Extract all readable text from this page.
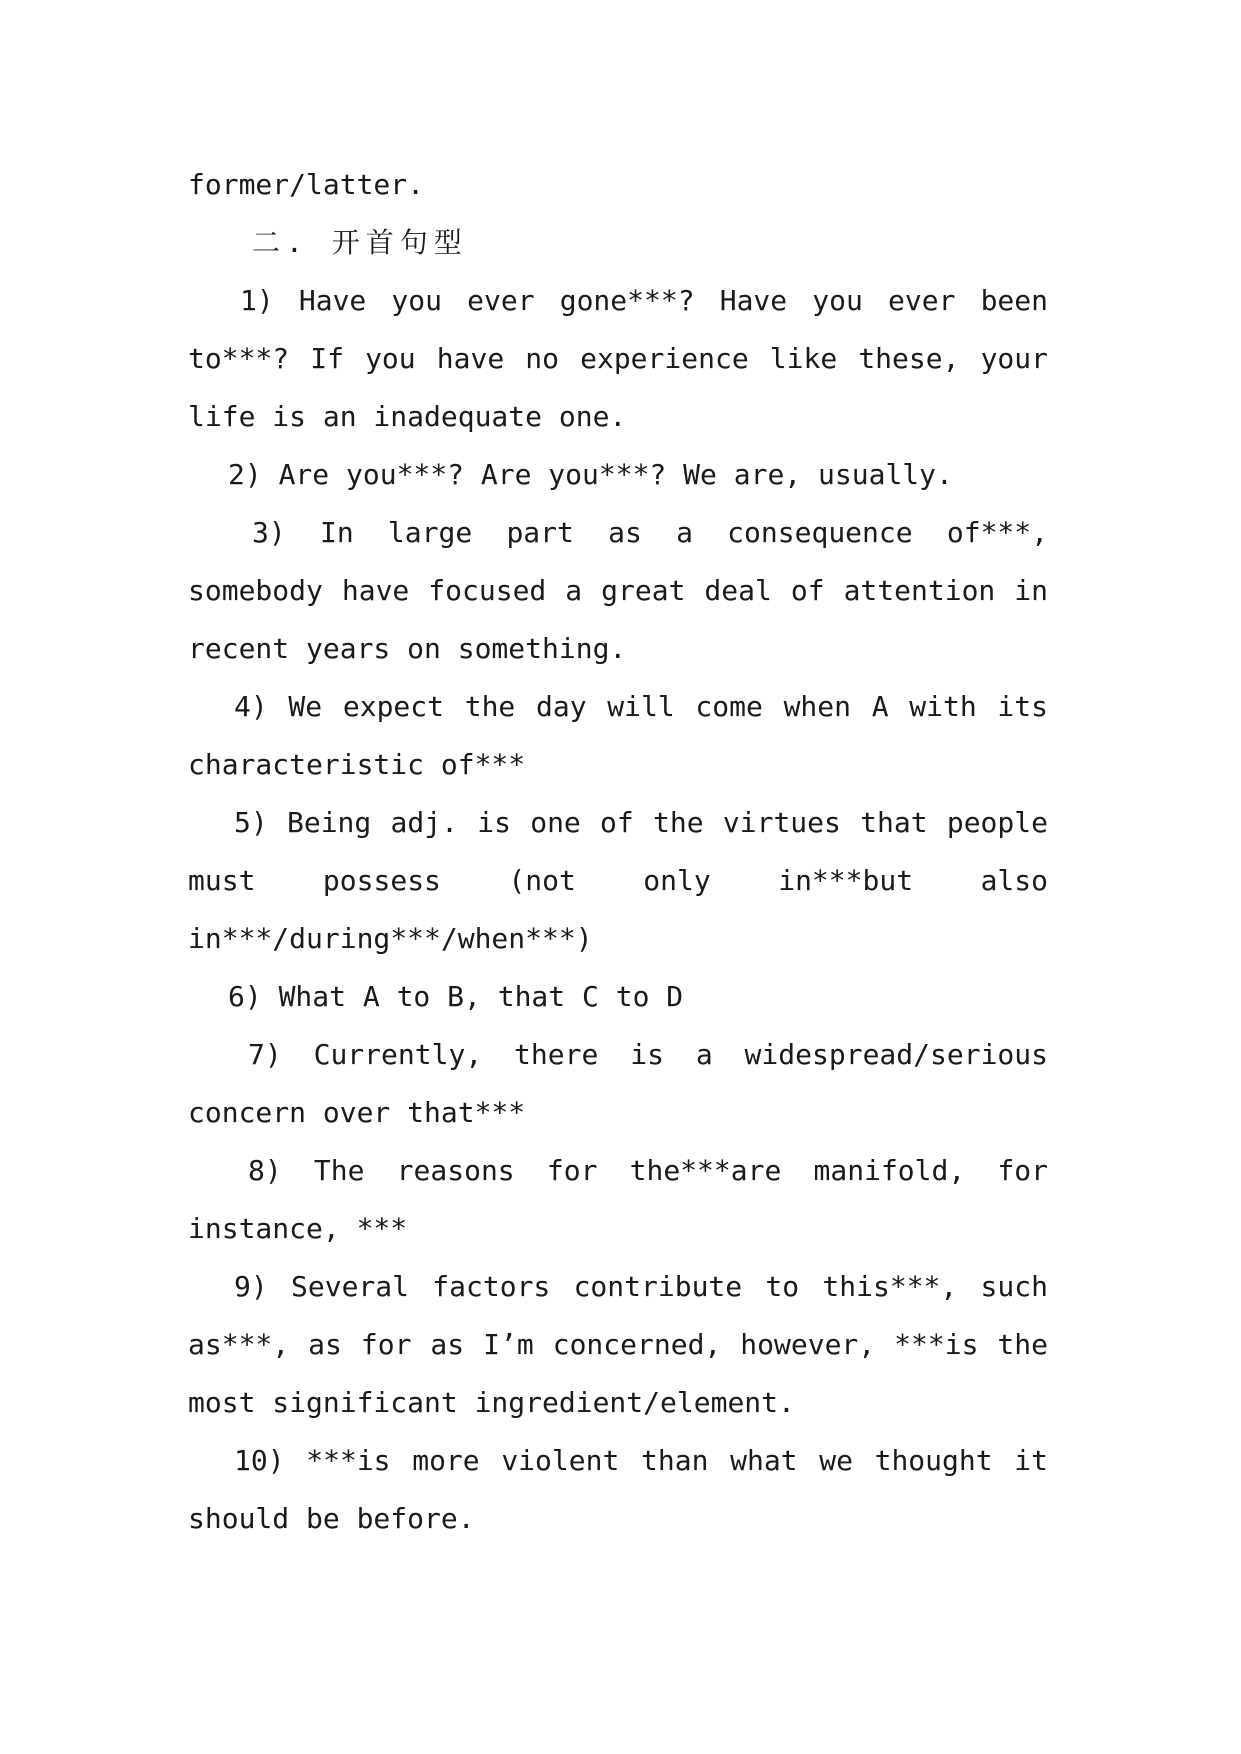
former/latter.
二. 开首句型
1) Have you ever gone***? Have you ever been
to***? If you have no experience like these, your
life is an inadequate one.
2) Are you***? Are you***? We are, usually.
3) In large part as a consequence of***,
somebody have focused a great deal of attention in
recent years on something.
4) We expect the day will come when A with its
characteristic of***
5) Being adj. is one of the virtues that people
must possess (not only in***but also
in***/during***/when***)
6) What A to B, that C to D
7) Currently, there is a widespread/serious
concern over that***
8) The reasons for the***are manifold, for
instance, ***
9) Several factors contribute to this***, such
as***, as for as I’m concerned, however, ***is the
most significant ingredient/element.
10) ***is more violent than what we thought it
should be before.
